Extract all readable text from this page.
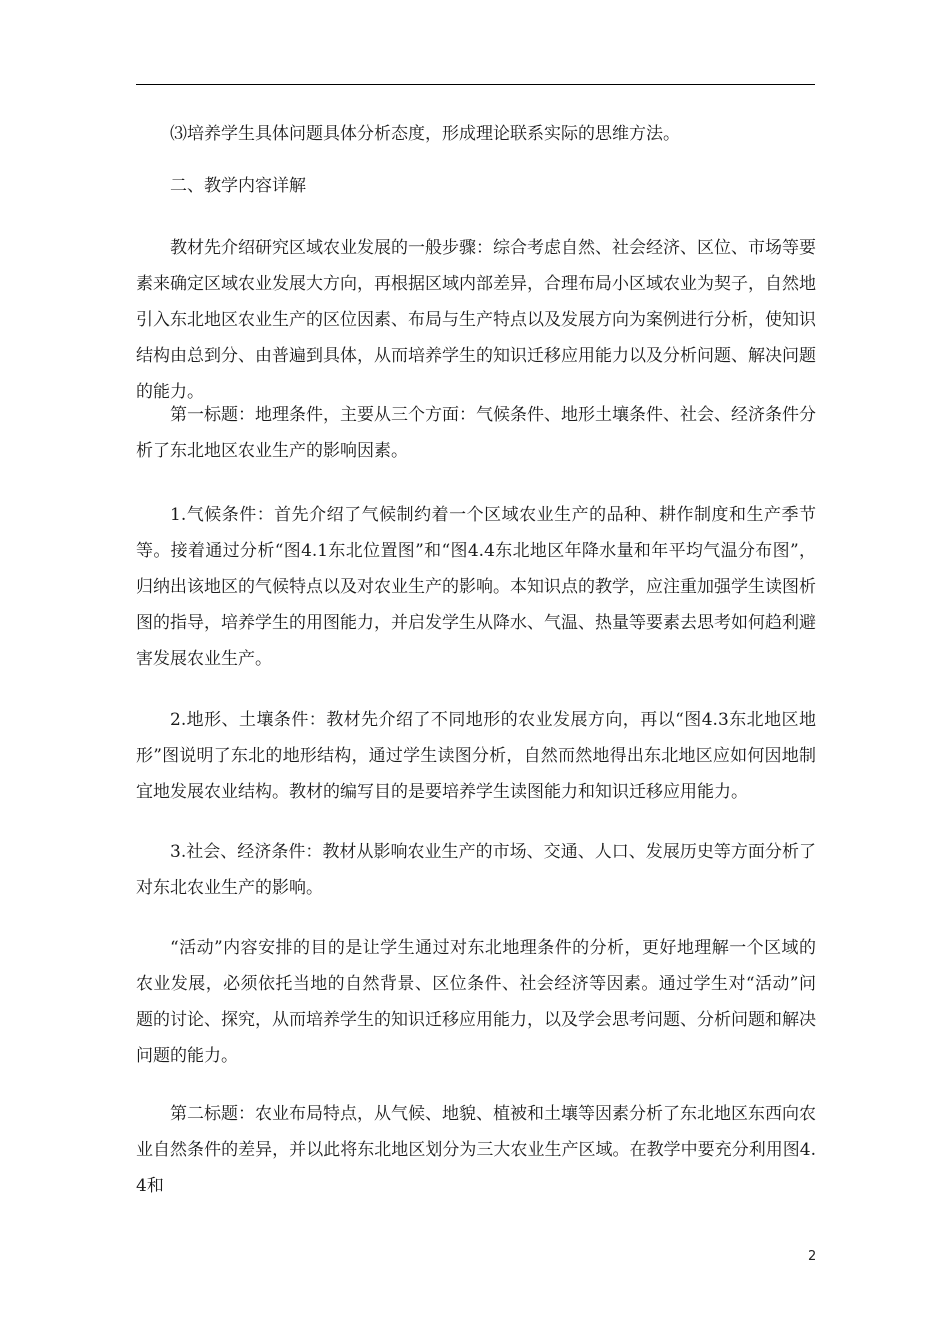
⑶培养学生具体问题具体分析态度，形成理论联系实际的思维方法。

二、教学内容详解

教材先介绍研究区域农业发展的一般步骤：综合考虑自然、社会经济、区位、市场等要素来确定区域农业发展大方向，再根据区域内部差异，合理布局小区域农业为契子，自然地引入东北地区农业生产的区位因素、布局与生产特点以及发展方向为案例进行分析，使知识结构由总到分、由普遍到具体，从而培养学生的知识迁移应用能力以及分析问题、解决问题的能力。

第一标题：地理条件，主要从三个方面：气候条件、地形土壤条件、社会、经济条件分析了东北地区农业生产的影响因素。

1.气候条件：首先介绍了气候制约着一个区域农业生产的品种、耕作制度和生产季节等。接着通过分析“图4.1东北位置图”和“图4.4东北地区年降水量和年平均气温分布图”，归纳出该地区的气候特点以及对农业生产的影响。本知识点的教学，应注重加强学生读图析图的指导，培养学生的用图能力，并启发学生从降水、气温、热量等要素去思考如何趋利避害发展农业生产。

2.地形、土壤条件：教材先介绍了不同地形的农业发展方向，再以“图4.3东北地区地形”图说明了东北的地形结构，通过学生读图分析，自然而然地得出东北地区应如何因地制宜地发展农业结构。教材的编写目的是要培养学生读图能力和知识迁移应用能力。

3.社会、经济条件：教材从影响农业生产的市场、交通、人口、发展历史等方面分析了对东北农业生产的影响。

“活动”内容安排的目的是让学生通过对东北地理条件的分析，更好地理解一个区域的农业发展，必须依托当地的自然背景、区位条件、社会经济等因素。通过学生对“活动”问题的讨论、探究，从而培养学生的知识迁移应用能力，以及学会思考问题、分析问题和解决问题的能力。

第二标题：农业布局特点，从气候、地貌、植被和土壤等因素分析了东北地区东西向农业自然条件的差异，并以此将东北地区划分为三大农业生产区域。在教学中要充分利用图4.4和

2
